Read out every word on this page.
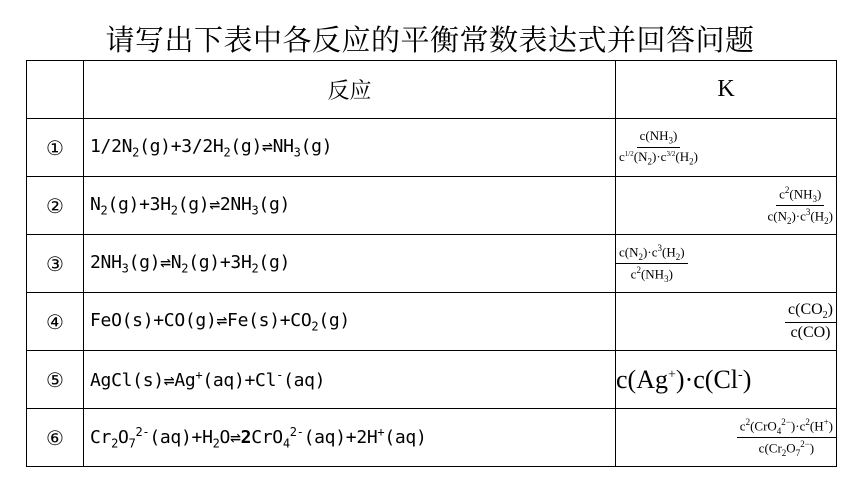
请写出下表中各反应的平衡常数表达式并回答问题
	反应	K
①	$1/2N_2(g)+3/2H_2(g)\rightleftharpoons NH_3(g)$	$\frac{c(NH_3)}{c^{1/2}(N_2)\cdot c^{3/2}(H_2)}$

②	$N_2(g)+3H_2(g)\rightleftharpoons 2NH_3(g)$	$\frac{c^2(NH_3)}{c(N_2)\cdot c^3(H_2)}$

③	$2NH_3(g)\rightleftharpoons N_2(g)+3H_2(g)$	$\frac{c(N_2)\cdot c^3(H_2)}{c^2(NH_3)}$

④	$FeO(s)+CO(g)\rightleftharpoons Fe(s)+CO_2(g)$	$\frac{c(CO_2)}{c(CO)}$

⑤	AgCl(s)⇌Ag+(aq)+Cl-(aq)	c(Ag+)·c(Cl-)
⑥	$Cr_2O_7^{2-}(aq)+H_2O\rightleftharpoons 2CrO_4^{2-}(aq)+2H^+(aq)$	$\frac{c^2(CrO_4^{2-})\cdot c^2(H^+)}{c(Cr_2O_7^{2-})}$
